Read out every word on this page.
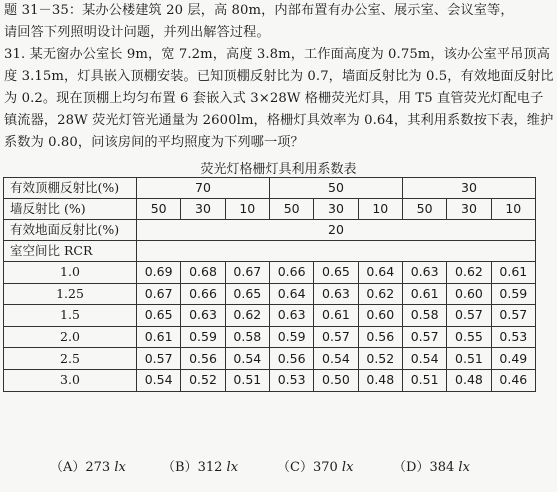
题 31－35：某办公楼建筑 20 层，高 80m，内部布置有办公室、展示室、会议室等，
请回答下列照明设计问题，并列出解答过程。
31. 某无窗办公室长 9m，宽 7.2m，高度 3.8m，工作面高度为 0.75m，该办公室平吊顶高度 3.15m，灯具嵌入顶棚安装。已知顶棚反射比为 0.7，墙面反射比为 0.5，有效地面反射比为 0.2。现在顶棚上均匀布置 6 套嵌入式 3×28W 格栅荧光灯具，用 T5 直管荧光灯配电子镇流器，28W 荧光灯管光通量为 2600lm，格栅灯具效率为 0.64，其利用系数按下表，维护系数为 0.80，问该房间的平均照度为下列哪一项？
荧光灯格栅灯具利用系数表
有效顶棚反射比(%)	70			50			30		
墙反射比 (%)	50	30	10	50	30	10	50	30	10
有效地面反射比(%)	20								
室空间比 RCR									
1.0	0.69	0.68	0.67	0.66	0.65	0.64	0.63	0.62	0.61
1.25	0.67	0.66	0.65	0.64	0.63	0.62	0.61	0.60	0.59
1.5	0.65	0.63	0.62	0.63	0.61	0.60	0.58	0.57	0.57
2.0	0.61	0.59	0.58	0.59	0.57	0.56	0.57	0.55	0.53
2.5	0.57	0.56	0.54	0.56	0.54	0.52	0.54	0.51	0.49
3.0	0.54	0.52	0.51	0.53	0.50	0.48	0.51	0.48	0.46
（A）273 lx	（B）312 lx	（C）370 lx	（D）384 lx
